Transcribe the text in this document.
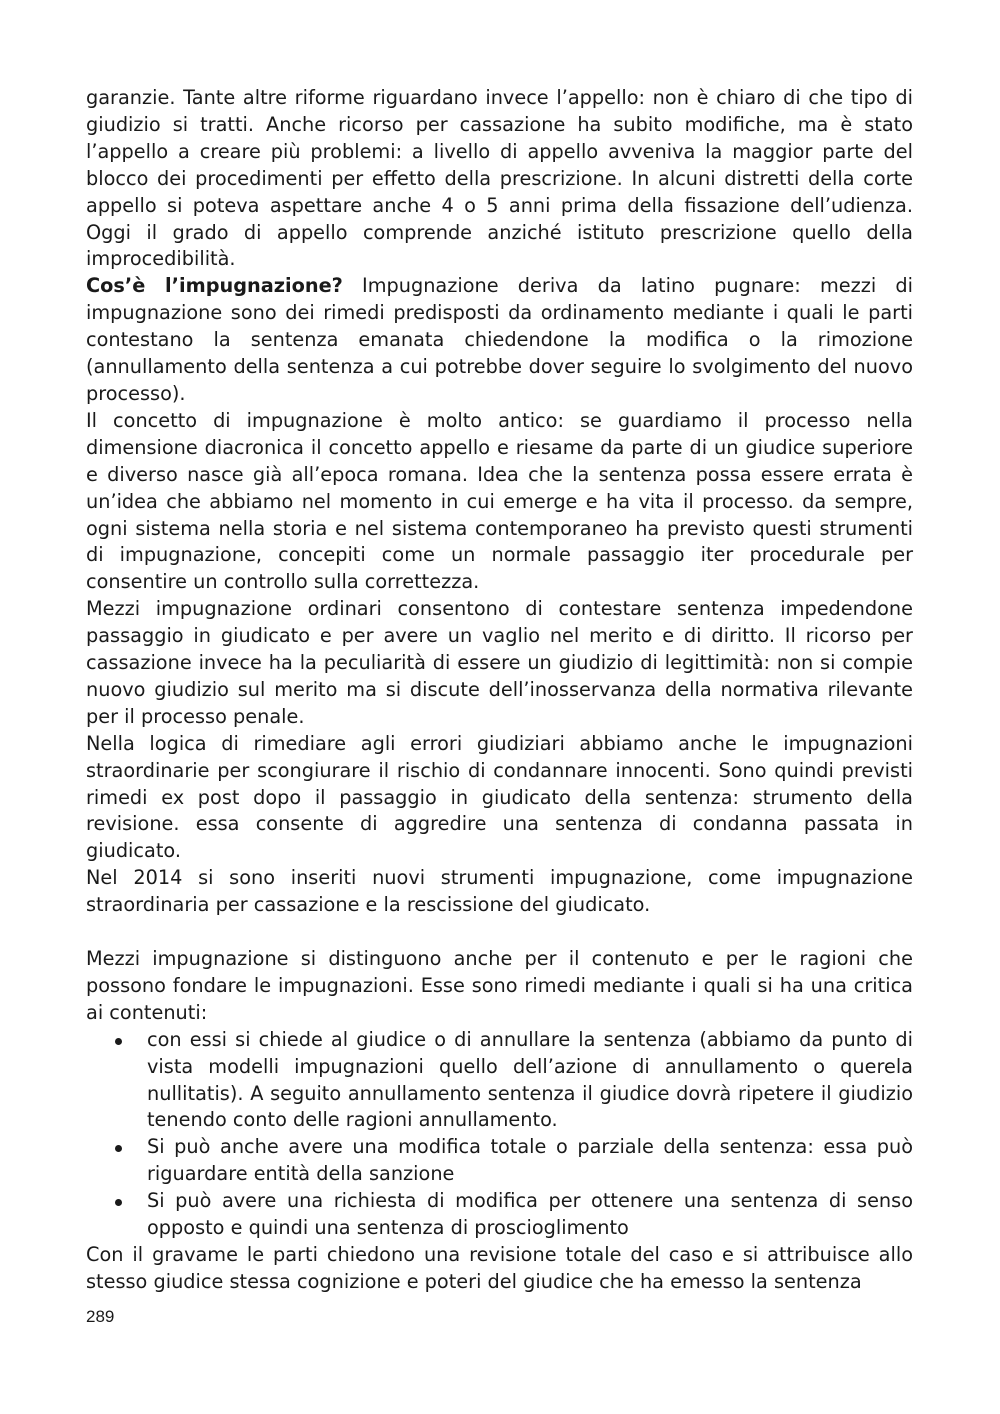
garanzie. Tante altre riforme riguardano invece l’appello: non è chiaro di che tipo di giudizio si tratti. Anche ricorso per cassazione ha subito modifiche, ma è stato l’appello a creare più problemi: a livello di appello avveniva la maggior parte del blocco dei procedimenti per effetto della prescrizione. In alcuni distretti della corte appello si poteva aspettare anche 4 o 5 anni prima della fissazione dell’udienza. Oggi il grado di appello comprende anziché istituto prescrizione quello della improcedibilità.

Cos’è l’impugnazione? Impugnazione deriva da latino pugnare: mezzi di impugnazione sono dei rimedi predisposti da ordinamento mediante i quali le parti contestano la sentenza emanata chiedendone la modifica o la rimozione (annullamento della sentenza a cui potrebbe dover seguire lo svolgimento del nuovo processo).

Il concetto di impugnazione è molto antico: se guardiamo il processo nella dimensione diacronica il concetto appello e riesame da parte di un giudice superiore e diverso nasce già all’epoca romana. Idea che la sentenza possa essere errata è un’idea che abbiamo nel momento in cui emerge e ha vita il processo. da sempre, ogni sistema nella storia e nel sistema contemporaneo ha previsto questi strumenti di impugnazione, concepiti come un normale passaggio iter procedurale per consentire un controllo sulla correttezza.

Mezzi impugnazione ordinari consentono di contestare sentenza impedendone passaggio in giudicato e per avere un vaglio nel merito e di diritto. Il ricorso per cassazione invece ha la peculiarità di essere un giudizio di legittimità: non si compie nuovo giudizio sul merito ma si discute dell’inosservanza della normativa rilevante per il processo penale.

Nella logica di rimediare agli errori giudiziari abbiamo anche le impugnazioni straordinarie per scongiurare il rischio di condannare innocenti. Sono quindi previsti rimedi ex post dopo il passaggio in giudicato della sentenza: strumento della revisione. essa consente di aggredire una sentenza di condanna passata in giudicato.

Nel 2014 si sono inseriti nuovi strumenti impugnazione, come impugnazione straordinaria per cassazione e la rescissione del giudicato.

Mezzi impugnazione si distinguono anche per il contenuto e per le ragioni che possono fondare le impugnazioni. Esse sono rimedi mediante i quali si ha una critica ai contenuti:

con essi si chiede al giudice o di annullare la sentenza (abbiamo da punto di vista modelli impugnazioni quello dell’azione di annullamento o querela nullitatis). A seguito annullamento sentenza il giudice dovrà ripetere il giudizio tenendo conto delle ragioni annullamento.
Si può anche avere una modifica totale o parziale della sentenza: essa può riguardare entità della sanzione
Si può avere una richiesta di modifica per ottenere una sentenza di senso opposto e quindi una sentenza di proscioglimento

Con il gravame le parti chiedono una revisione totale del caso e si attribuisce allo stesso giudice stessa cognizione e poteri del giudice che ha emesso la sentenza

289
